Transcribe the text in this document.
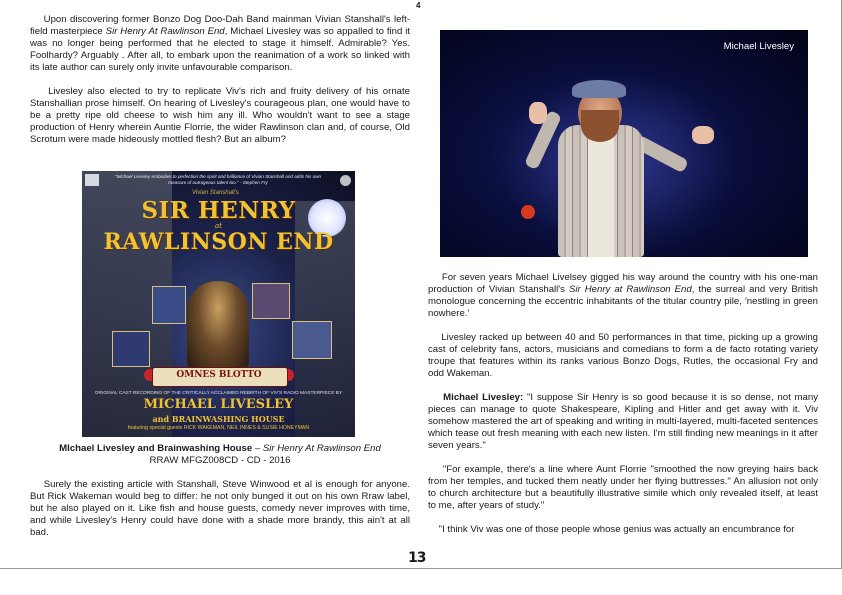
4

Upon discovering former Bonzo Dog Doo-Dah Band mainman Vivian Stanshall's left-field masterpiece Sir Henry At Rawlinson End, Michael Livesley was so appalled to find it was no longer being performed that he elected to stage it himself. Admirable? Yes. Foolhardy? Arguably . After all, to embark upon the reanimation of a work so linked with its late author can surely only invite unfavourable comparison.

Livesley also elected to try to replicate Viv's rich and fruity delivery of his ornate Stanshallian prose himself. On hearing of Livesley's courageous plan, one would have to be a pretty ripe old cheese to wish him any ill. Who wouldn't want to see a stage production of Henry wherein Auntie Florrie, the wider Rawlinson clan and, of course, Old Scrotum were made hideously mottled flesh? But an album?

"Michael Livesley embodies to perfection the spirit and brilliance of Vivian Stanshall and adds his own measure of outrageous talent too." - Stephen Fry
Vivian Stanshall's
SIR HENRY
at
RAWLINSON END
OMNES BLOTTO
ORIGINAL CAST RECORDING OF THE CRITICALLY ACCLAIMED REBIRTH OF VIV'S RADIO MASTERPIECE BY
MICHAEL LIVESLEY
and BRAINWASHING HOUSE
featuring special guests RICK WAKEMAN, NEIL INNES & SUSIE HONEYMAN
MIchael Livesley and Brainwashing House – Sir Henry At Rawlinson End
RRAW MFGZ008CD - CD - 2016

Surely the existing article with Stanshall, Steve Winwood et al is enough for anyone. But Rick Wakeman would beg to differ: he not only bunged it out on his own Rraw label, but he also played on it. Like fish and house guests, comedy never improves with time, and while Livesley's Henry could have done with a shade more brandy, this ain't at all bad.

Michael Livesley

For seven years Michael Livelsey gigged his way around the country with his one-man production of Vivian Stanshall's Sir Henry at Rawlinson End, the surreal and very British monologue concerning the eccentric inhabitants of the titular country pile, 'nestling in green nowhere.'

Livesley racked up between 40 and 50 performances in that time, picking up a growing cast of celebrity fans, actors, musicians and comedians to form a de facto rotating variety troupe that features within its ranks various Bonzo Dogs, Rutles, the occasional Fry and odd Wakeman.

Michael Livesley: "I suppose Sir Henry is so good because it is so dense, not many pieces can manage to quote Shakespeare, Kipling and Hitler and get away with it. Viv somehow mastered the art of speaking and writing in multi-layered, multi-faceted sentences which tease out fresh meaning with each new listen. I'm still finding new meanings in it after seven years."

"For example, there's a line where Aunt Florrie "smoothed the now greying hairs back from her temples, and tucked them neatly under her flying buttresses." An allusion not only to church architecture but a beautifully illustrative simile which only revealed itself, at least to me, after years of study."

"I think Viv was one of those people whose genius was actually an encumbrance for

13
